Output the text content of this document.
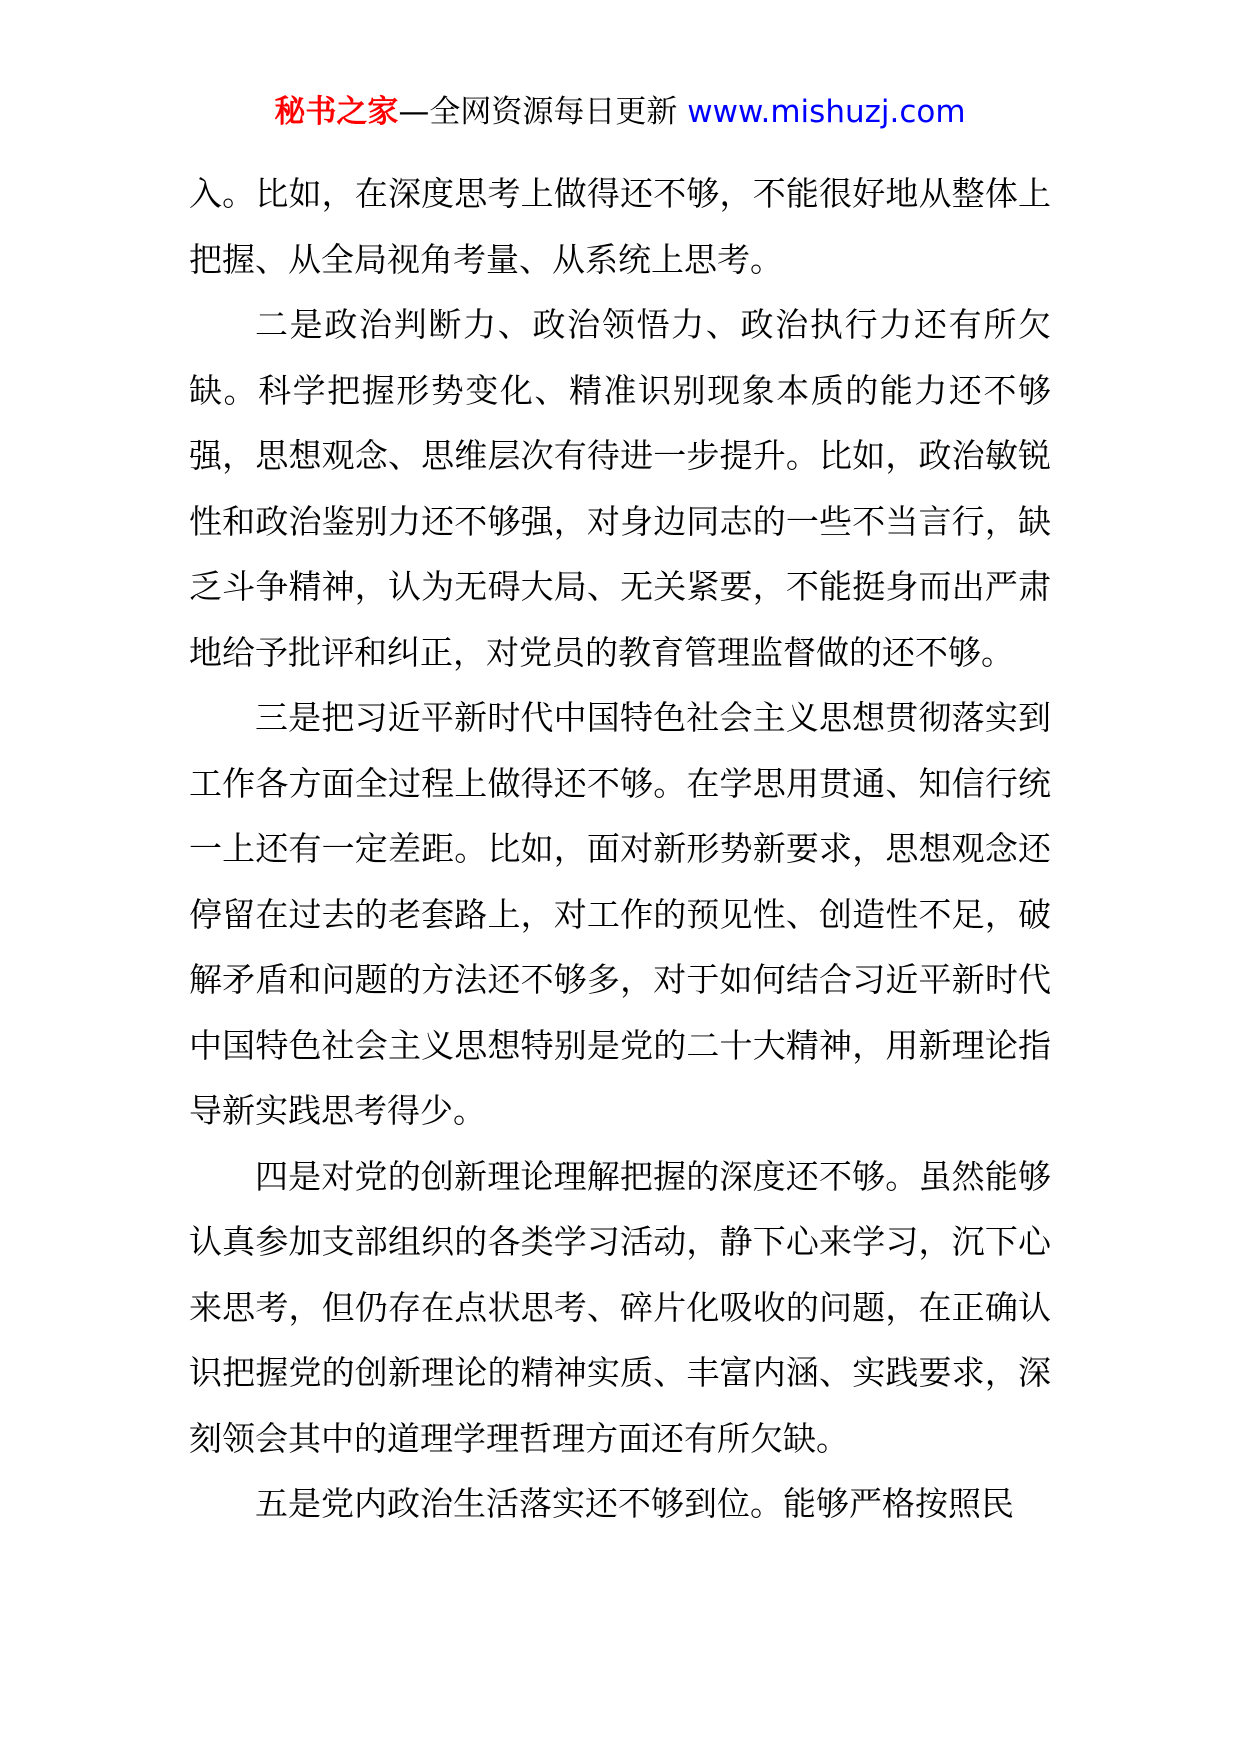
秘书之家—全网资源每日更新 www.mishuzj.com

入。比如，在深度思考上做得还不够，不能很好地从整体上把握、从全局视角考量、从系统上思考。

二是政治判断力、政治领悟力、政治执行力还有所欠缺。科学把握形势变化、精准识别现象本质的能力还不够强，思想观念、思维层次有待进一步提升。比如，政治敏锐性和政治鉴别力还不够强，对身边同志的一些不当言行，缺乏斗争精神，认为无碍大局、无关紧要，不能挺身而出严肃地给予批评和纠正，对党员的教育管理监督做的还不够。

三是把习近平新时代中国特色社会主义思想贯彻落实到工作各方面全过程上做得还不够。在学思用贯通、知信行统一上还有一定差距。比如，面对新形势新要求，思想观念还停留在过去的老套路上，对工作的预见性、创造性不足，破解矛盾和问题的方法还不够多，对于如何结合习近平新时代中国特色社会主义思想特别是党的二十大精神，用新理论指导新实践思考得少。

四是对党的创新理论理解把握的深度还不够。虽然能够认真参加支部组织的各类学习活动，静下心来学习，沉下心来思考，但仍存在点状思考、碎片化吸收的问题，在正确认识把握党的创新理论的精神实质、丰富内涵、实践要求，深刻领会其中的道理学理哲理方面还有所欠缺。

五是党内政治生活落实还不够到位。能够严格按照民
